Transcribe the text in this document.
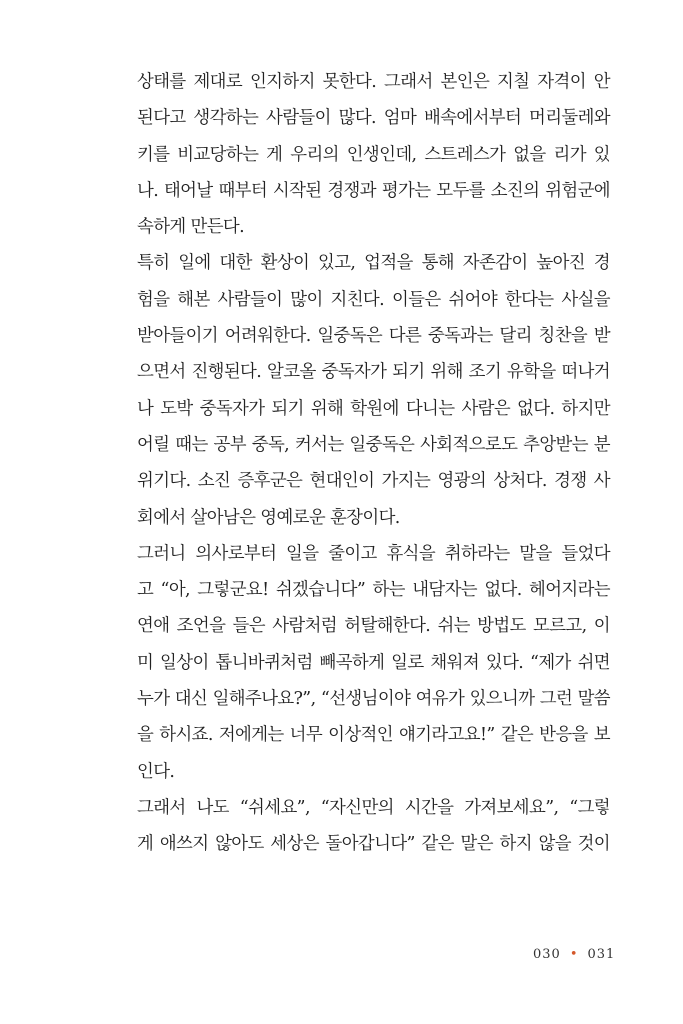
상태를 제대로 인지하지 못한다. 그래서 본인은 지칠 자격이 안
된다고 생각하는 사람들이 많다. 엄마 배속에서부터 머리둘레와
키를 비교당하는 게 우리의 인생인데, 스트레스가 없을 리가 있
나. 태어날 때부터 시작된 경쟁과 평가는 모두를 소진의 위험군에
속하게 만든다.
특히 일에 대한 환상이 있고, 업적을 통해 자존감이 높아진 경
험을 해본 사람들이 많이 지친다. 이들은 쉬어야 한다는 사실을
받아들이기 어려워한다. 일중독은 다른 중독과는 달리 칭찬을 받
으면서 진행된다. 알코올 중독자가 되기 위해 조기 유학을 떠나거
나 도박 중독자가 되기 위해 학원에 다니는 사람은 없다. 하지만
어릴 때는 공부 중독, 커서는 일중독은 사회적으로도 추앙받는 분
위기다. 소진 증후군은 현대인이 가지는 영광의 상처다. 경쟁 사
회에서 살아남은 영예로운 훈장이다.
그러니 의사로부터 일을 줄이고 휴식을 취하라는 말을 들었다
고 “아, 그렇군요! 쉬겠습니다” 하는 내담자는 없다. 헤어지라는
연애 조언을 들은 사람처럼 허탈해한다. 쉬는 방법도 모르고, 이
미 일상이 톱니바퀴처럼 빼곡하게 일로 채워져 있다. “제가 쉬면
누가 대신 일해주나요?”, “선생님이야 여유가 있으니까 그런 말씀
을 하시죠. 저에게는 너무 이상적인 얘기라고요!” 같은 반응을 보
인다.
그래서 나도 “쉬세요”, “자신만의 시간을 가져보세요”, “그렇
게 애쓰지 않아도 세상은 돌아갑니다” 같은 말은 하지 않을 것이
030 • 031
